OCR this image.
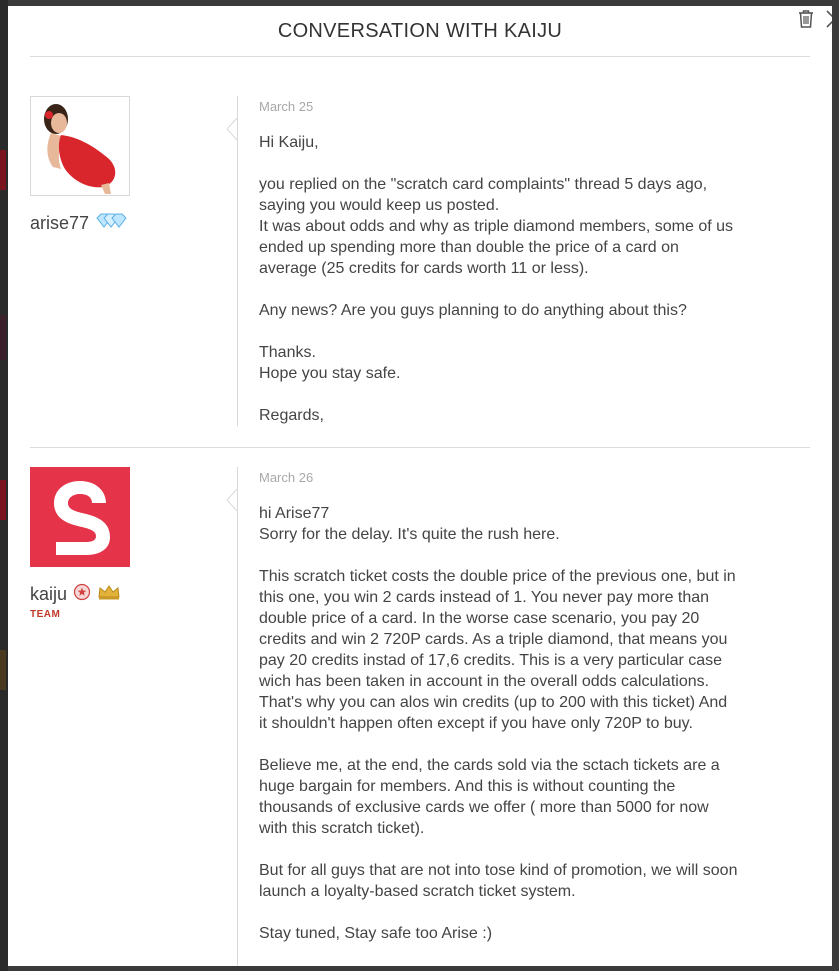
CONVERSATION WITH KAIJU
arise77
March 25

Hi Kaiju,

you replied on the "scratch card complaints" thread 5 days ago, saying you would keep us posted.
It was about odds and why as triple diamond members, some of us ended up spending more than double the price of a card on average (25 credits for cards worth 11 or less).

Any news? Are you guys planning to do anything about this?

Thanks.
Hope you stay safe.

Regards,

kaiju
TEAM
March 26

hi Arise77
Sorry for the delay. It's quite the rush here.

This scratch ticket costs the double price of the previous one, but in this one, you win 2 cards instead of 1. You never pay more than double price of a card. In the worse case scenario, you pay 20 credits and win 2 720P cards. As a triple diamond, that means you pay 20 credits instad of 17,6 credits. This is a very particular case wich has been taken in account in the overall odds calculations. That's why you can alos win credits (up to 200 with this ticket) And it shouldn't happen often except if you have only 720P to buy.

Believe me, at the end, the cards sold via the sctach tickets are a huge bargain for members. And this is without counting the thousands of exclusive cards we offer ( more than 5000 for now with this scratch ticket).

But for all guys that are not into tose kind of promotion, we will soon launch a loyalty-based scratch ticket system.

Stay tuned, Stay safe too Arise :)
